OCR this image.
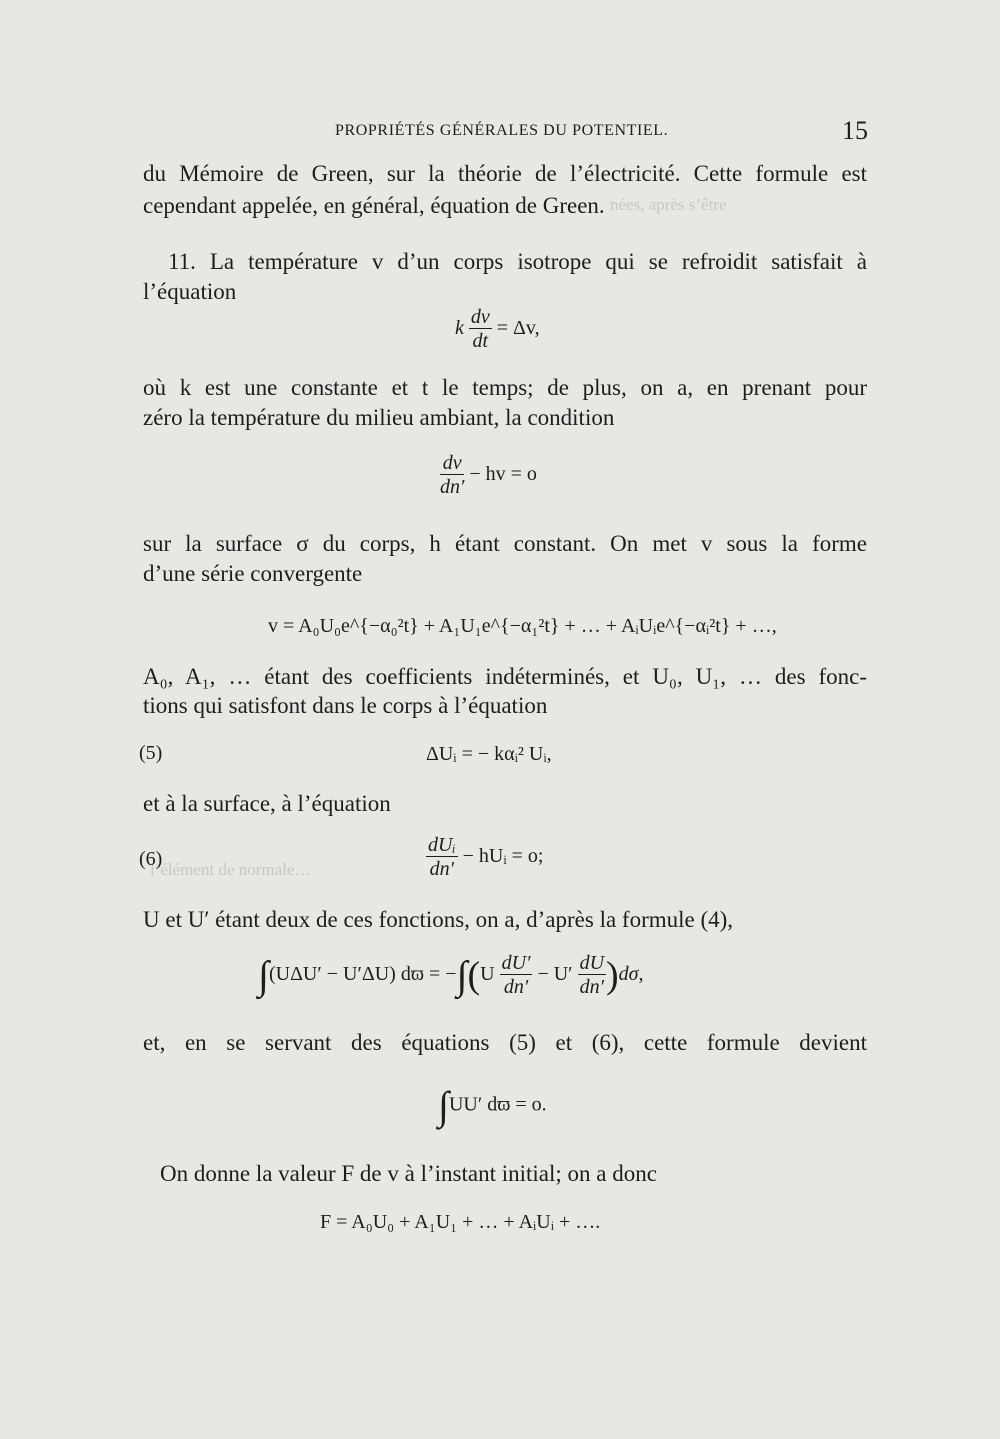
nées, après s’être
l’élément de normale…
PROPRIÉTÉS GÉNÉRALES DU POTENTIEL.	15
du Mémoire de Green, sur la théorie de l’électricité. Cette formule est
cependant appelée, en général, équation de Green.
11. La température v d’un corps isotrope qui se refroidit satisfait à
l’équation
k $\frac{dv}{dt} = \Delta v$,
où k est une constante et t le temps; de plus, on a, en prenant pour
zéro la température du milieu ambiant, la condition
$\frac{dv}{dn'}$ − hv = o
sur la surface σ du corps, h étant constant. On met v sous la forme
d’une série convergente
v = A₀U₀e^{−α₀²t} + A₁U₁e^{−α₁²t} + … + AᵢUᵢe^{−αᵢ²t} + …,
A₀, A₁, … étant des coefficients indéterminés, et U₀, U₁, … des fonc-
tions qui satisfont dans le corps à l’équation
(5)	ΔUᵢ = − kαᵢ² Uᵢ,
et à la surface, à l’équation
(6)	$\frac{\text{dUᵢ}}{dn'}$ − hUᵢ = o;
U et U′ étant deux de ces fonctions, on a, d’après la formule (4),
∫(UΔU′ − U′ΔU) $dϖ = -\int(U \frac{dU'}{dn'} - U' \frac{dU}{dn'} )d\sigma$,
et, en se servant des équations (5) et (6), cette formule devient
∫UU′ dϖ = o.
On donne la valeur F de v à l’instant initial; on a donc
F = A₀U₀ + A₁U₁ + … + AᵢUᵢ + ….
